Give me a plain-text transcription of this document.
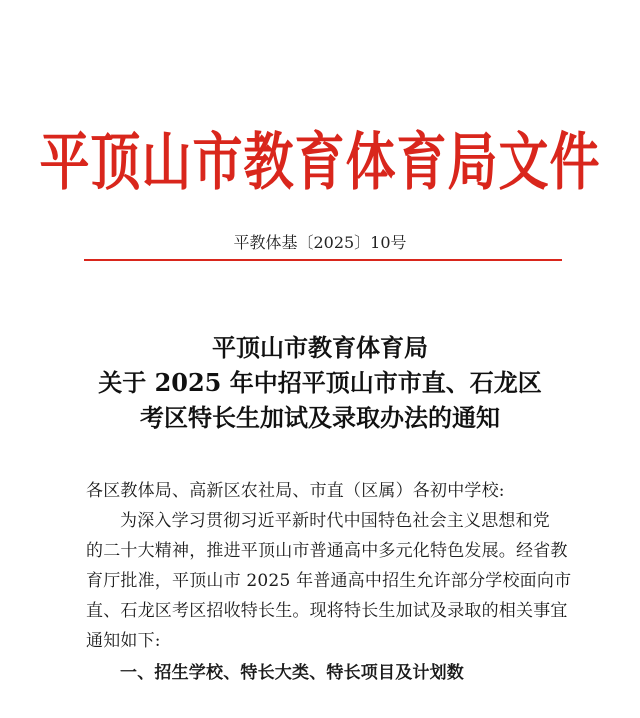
平顶山市教育体育局文件
平教体基〔2025〕10号
平顶山市教育体育局
关于 2025 年中招平顶山市市直、石龙区
考区特长生加试及录取办法的通知
各区教体局、高新区农社局、市直（区属）各初中学校:
为深入学习贯彻习近平新时代中国特色社会主义思想和党
的二十大精神，推进平顶山市普通高中多元化特色发展。经省教
育厅批准，平顶山市 2025 年普通高中招生允许部分学校面向市
直、石龙区考区招收特长生。现将特长生加试及录取的相关事宜
通知如下:
一、招生学校、特长大类、特长项目及计划数
